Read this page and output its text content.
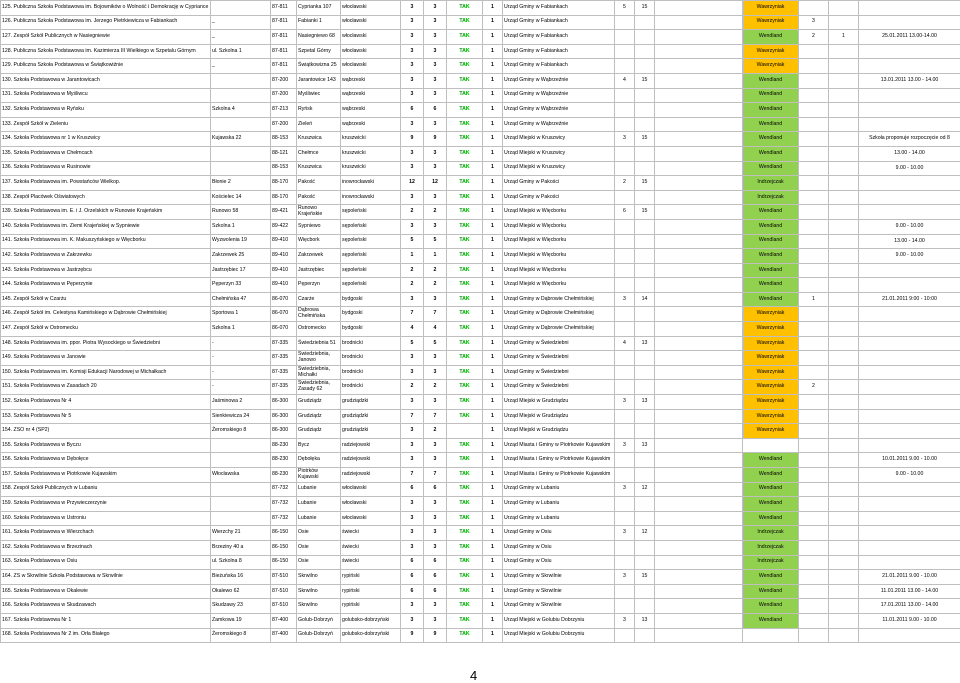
125. Publiczna Szkoła Podstawowa im. Bojowników o Wolność i Demokrację w Cypriance		87-811	Cyprianka 107	włocławski	3	3	TAK	1	Urząd Gminy w Fabiankach	5	15		Wawrzyniak			
126. Publiczna Szkoła Podstawowa im. Jerzego Pietrkiewicza w Fabiankach	_	87-811	Fabianki 1	włocławski	3	3	TAK	1	Urząd Gminy w Fabiankach				Wawrzyniak	3		
127. Zespół Szkół Publicznych w Nasiegniewie	_	87-811	Nasiegniewo 68	włocławski	3	3	TAK	1	Urząd Gminy w Fabiankach				Wendland	2	1	25.01.2011 13.00-14.00
128. Publiczna Szkoła Podstawowa im. Kazimierza III Wielkiego w Szpetalu Górnym	ul. Szkolna 1	87-811	Szpetal Górny	włocławski	3	3	TAK	1	Urząd Gminy w Fabiankach				Wawrzyniak			
129. Publiczna Szkoła Podstawowa w Świątkowiźnie	_	87-811	Świątkowizna 25	włocławski	3	3	TAK	1	Urząd Gminy w Fabiankach				Wawrzyniak			
130. Szkoła Podstawowa w Jarantowicach		87-200	Jarantowice 143	wąbrzeski	3	3	TAK	1	Urząd Gminy w Wąbrzeźnie	4	15		Wendland			13.01.2011 13.00 - 14.00
131. Szkoła Podstawowa w Myśliwcu		87-200	Myśliwiec	wąbrzeski	3	3	TAK	1	Urząd Gminy w Wąbrzeźnie				Wendland			
132. Szkoła Podstawowa w Ryńsku	Szkolna 4	87-213	Ryńsk	wąbrzeski	6	6	TAK	1	Urząd Gminy w Wąbrzeźnie				Wendland			
133. Zespół Szkół w Zieleniu		87-200	Zieleń	wąbrzeski	3	3	TAK	1	Urząd Gminy w Wąbrzeźnie				Wendland			
134. Szkoła Podstawowa nr 1 w Kruszwicy	Kujawska 22	88-153	Kruszwica	kruszwicki	9	9	TAK	1	Urząd Miejski w Kruszwicy	3	15		Wendland			Szkoła proponuje rozpoczęcie od 8
135. Szkoła Podstawowa w Chełmcach		88-121	Chełmce	kruszwicki	3	3	TAK	1	Urząd Miejski w Kruszwicy				Wendland			13.00 - 14.00
136. Szkoła Podstawowa w Rusinowie		88-153	Kruszwica	kruszwicki	3	3	TAK	1	Urząd Miejski w Kruszwicy				Wendland			9.00 - 10.00
137. Szkoła Podstawowa im. Powstańców Wielkop.	Błonie 2	88-170	Pakość	inowrocławski	12	12	TAK	1	Urząd Gminy w Pakości	2	15		Indrzejczak			
138. Zespół Placówek Oświatowych	Kościelec 14	88-170	Pakość	inowrocławski	3	3	TAK	1	Urząd Gminy w Pakości				Indrzejczak			
139. Szkoła Podstawowa im. E. i J. Orzelskich w Runowie Krajeńskim	Runowo 58	89-421	Runowo Krajeńskie	sępoleński	2	2	TAK	1	Urząd Miejski w Więcborku	6	15		Wendland			
140. Szkoła Podstawowa im. Ziemi Krajeńskiej w Sypniewie	Szkolna 1	89-422	Sypniewo	sępoleński	3	3	TAK	1	Urząd Miejski w Więcborku				Wendland			9.00 - 10.00
141. Szkoła Podstawowa im. K. Makuszyńskiego w Więcborku	Wyzwolenia 19	89-410	Więcbork	sępoleński	5	5	TAK	1	Urząd Miejski w Więcborku				Wendland			13.00 - 14.00
142. Szkoła Podstawowa w Zakrzewku	Zakrzewek 25	89-410	Zakrzewek	sępoleński	1	1	TAK	1	Urząd Miejski w Więcborku				Wendland			9.00 - 10.00
143. Szkoła Podstawowa w Jastrzębcu	Jastrzębiec 17	89-410	Jastrzębiec	sępoleński	2	2	TAK	1	Urząd Miejski w Więcborku				Wendland			
144. Szkoła Podstawowa w Pęperzynie	Pęperzyn 33	89-410	Pęperzyn	sępoleński	2	2	TAK	1	Urząd Miejski w Więcborku				Wendland			
145. Zespół Szkół w Czarżu	Chełmińska 47	86-070	Czarże	bydgoski	3	3	TAK	1	Urząd Gminy w Dąbrowie Chełmińskiej	3	14		Wendland	1		21.01.2011 9:00 - 10:00
146. Zespół Szkół im. Celestyna Kamińskiego w Dąbrowie Chełmińskiej	Sportowa 1	86-070	Dąbrowa Chełmińska	bydgoski	7	7	TAK	1	Urząd Gminy w Dąbrowie Chełmińskiej				Wawrzyniak			
147. Zespół Szkół w Ostromecku	Szkolna 1	86-070	Ostromecko	bydgoski	4	4	TAK	1	Urząd Gminy w Dąbrowie Chełmińskiej				Wawrzyniak			
148. Szkoła Podstawowa im. ppor. Piotra Wysockiego w Świedziebni	-	87-335	Świedziebnia 51	brodnicki	5	5	TAK	1	Urząd Gminy w Świedziebni	4	13		Wawrzyniak			
149. Szkoła Podstawowa w Janowie	-	87-335	Świedziebnia, Janowo	brodnicki	3	3	TAK	1	Urząd Gminy w Świedziebni				Wawrzyniak			
150. Szkoła Podstawowa im. Komisji Edukacji Narodowej w Michałkach	-	87-335	Świedziebnia, Michałki	brodnicki	3	3	TAK	1	Urząd Gminy w Świedziebni				Wawrzyniak			
151. Szkoła Podstawowa w Zasadach 20	-	87-335	Świedziebnia, Zasady 62	brodnicki	2	2	TAK	1	Urząd Gminy w Świedziebni				Wawrzyniak	2		
152. Szkoła Podstawowa Nr 4	Jaśminowa 2	86-300	Grudziądz	grudziądzki	3	3	TAK	1	Urząd Miejski w Grudziądzu	3	13		Wawrzyniak			
153. Szkoła Podstawowa Nr 5	Sienkiewicza 24	86-300	Grudziądz	grudziądzki	7	7	TAK	1	Urząd Miejski w Grudziądzu				Wawrzyniak			
154. ZSO nr 4 (SP2)	Żeromskiego 8	86-300	Grudziądz	grudziądzki	3	2		1	Urząd Miejski w Grudziądzu				Wawrzyniak			
155. Szkoła Podstawowa w Byczu		88-230	Bycz	radziejowski	3	3	TAK	1	Urząd Miasta i Gminy w Piotrkowie Kujawskim	3	13					
156. Szkoła Podstawowa w Dębołęce		88-230	Dębołęka	radziejowski	3	3	TAK	1	Urząd Miasta i Gminy w Piotrkowie Kujawskim				Wendland			10.01.2011 9.00 - 10.00
157. Szkoła Podstawowa w Piotrkowie Kujawskim	Włocławska	88-230	Piotrków Kujawski	radziejowski	7	7	TAK	1	Urząd Miasta i Gminy w Piotrkowie Kujawskim				Wendland			9.00 - 10.00
158. Zespół Szkół Publicznych w Lubaniu		87-732	Lubanie	włocławski	6	6	TAK	1	Urząd Gminy w Lubaniu	3	12		Wendland			
159. Szkoła Podstawowa w Przywieczerzynie		87-732	Lubanie	włocławski	3	3	TAK	1	Urząd Gminy w Lubaniu				Wendland			
160. Szkoła Podstawowa w Ustroniu		87-732	Lubanie	włocławski	3	3	TAK	1	Urząd Gminy w Lubaniu				Wendland			
161. Szkoła Podstawowa w Wierzchach	Wierzchy 21	86-150	Osie	świecki	3	3	TAK	1	Urząd Gminy w Osiu	3	12		Indrzejczak			
162. Szkoła Podstawowa w Brzezinach	Brzeziny 40 a	86-150	Osie	świecki	3	3	TAK	1	Urząd Gminy w Osiu				Indrzejczak			
163. Szkoła Podstawowa w Osiu	ul. Szkolna 8	86-150	Osie	świecki	6	6	TAK	1	Urząd Gminy w Osiu				Indrzejczak			
164. ZS w Skrwilnie Szkoła Podstawowa w Skrwilnie	Bieżuńska 16	87-510	Skrwilno	rypiński	6	6	TAK	1	Urząd Gminy w Skrwilnie	3	15		Wendland			21.01.2011 9.00 - 10.00
165. Szkoła Podstawowa w Okalewie	Okalewo 62	87-510	Skrwilno	rypiński	6	6	TAK	1	Urząd Gminy w Skrwilnie				Wendland			11.01.2011 13.00 - 14.00
166. Szkoła Podstawowa w Skudzawach	Skudzawy 23	87-510	Skrwilno	rypiński	3	3	TAK	1	Urząd Gminy w Skrwilnie				Wendland			17.01.2011 13.00 - 14.00
167. Szkoła Podstawowa Nr 1	Zamkowa 19	87-400	Golub-Dobrzyń	golubsko-dobrzyński	3	3	TAK	1	Urząd Miejski w Golubiu Dobrzyniu	3	13		Wendland			11.01.2011 9.00 - 10.00
168. Szkoła Podstawowa Nr 2 im. Orła Białego	Żeromskiego 8	87-400	Golub-Dobrzyń	golubsko-dobrzyński	9	9	TAK	1	Urząd Miejski w Golubiu Dobrzyniu							
4
